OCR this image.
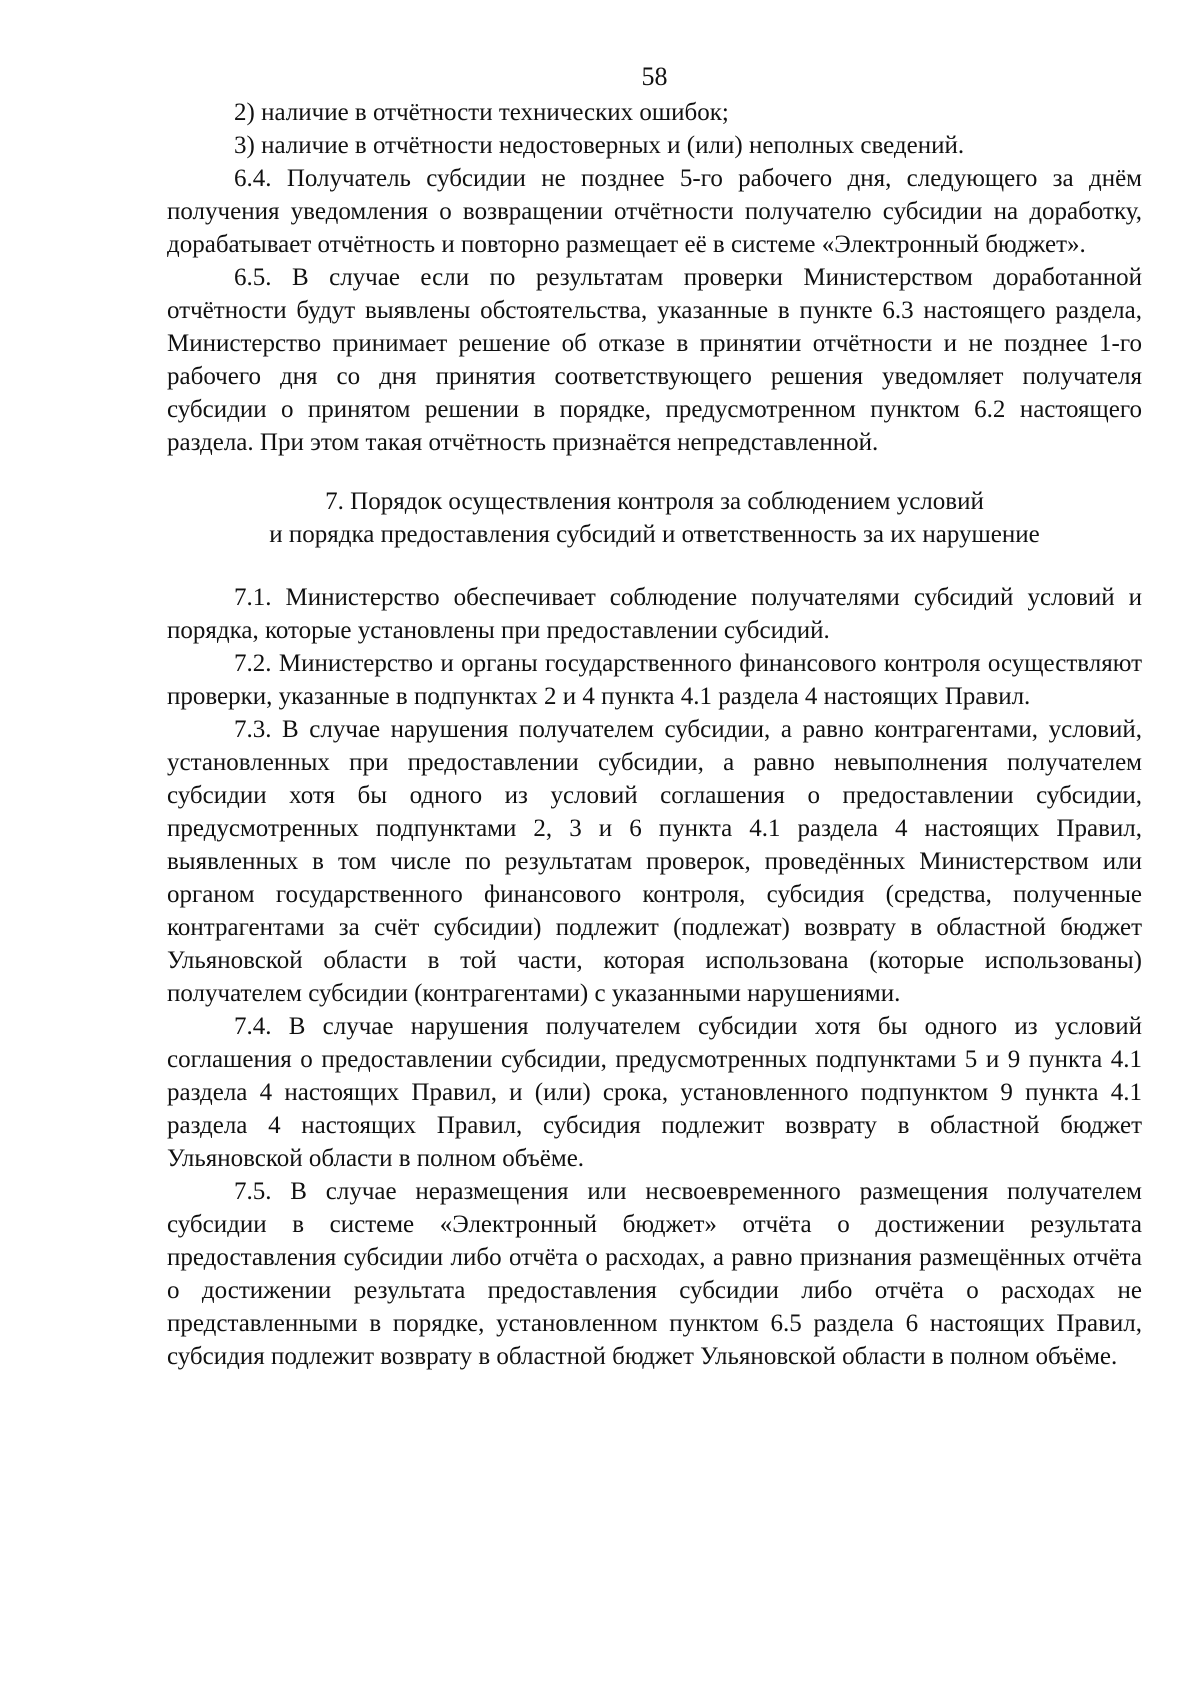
58

2) наличие в отчётности технических ошибок;

3) наличие в отчётности недостоверных и (или) неполных сведений.

6.4. Получатель субсидии не позднее 5-го рабочего дня, следующего за днём получения уведомления о возвращении отчётности получателю субсидии на доработку, дорабатывает отчётность и повторно размещает её в системе «Электронный бюджет».

6.5. В случае если по результатам проверки Министерством доработанной отчётности будут выявлены обстоятельства, указанные в пункте 6.3 настоящего раздела, Министерство принимает решение об отказе в принятии отчётности и не позднее 1-го рабочего дня со дня принятия соответствующего решения уведомляет получателя субсидии о принятом решении в порядке, предусмотренном пунктом 6.2 настоящего раздела. При этом такая отчётность признаётся непредставленной.

7. Порядок осуществления контроля за соблюдением условий
и порядка предоставления субсидий и ответственность за их нарушение

7.1. Министерство обеспечивает соблюдение получателями субсидий условий и порядка, которые установлены при предоставлении субсидий.

7.2. Министерство и органы государственного финансового контроля осуществляют проверки, указанные в подпунктах 2 и 4 пункта 4.1 раздела 4 настоящих Правил.

7.3. В случае нарушения получателем субсидии, а равно контрагентами, условий, установленных при предоставлении субсидии, а равно невыполнения получателем субсидии хотя бы одного из условий соглашения о предоставлении субсидии, предусмотренных подпунктами 2, 3 и 6 пункта 4.1 раздела 4 настоящих Правил, выявленных в том числе по результатам проверок, проведённых Министерством или органом государственного финансового контроля, субсидия (средства, полученные контрагентами за счёт субсидии) подлежит (подлежат) возврату в областной бюджет Ульяновской области в той части, которая использована (которые использованы) получателем субсидии (контрагентами) с указанными нарушениями.

7.4. В случае нарушения получателем субсидии хотя бы одного из условий соглашения о предоставлении субсидии, предусмотренных подпунктами 5 и 9 пункта 4.1 раздела 4 настоящих Правил, и (или) срока, установленного подпунктом 9 пункта 4.1 раздела 4 настоящих Правил, субсидия подлежит возврату в областной бюджет Ульяновской области в полном объёме.

7.5. В случае неразмещения или несвоевременного размещения получателем субсидии в системе «Электронный бюджет» отчёта о достижении результата предоставления субсидии либо отчёта о расходах, а равно признания размещённых отчёта о достижении результата предоставления субсидии либо отчёта о расходах не представленными в порядке, установленном пунктом 6.5 раздела 6 настоящих Правил, субсидия подлежит возврату в областной бюджет Ульяновской области в полном объёме.
